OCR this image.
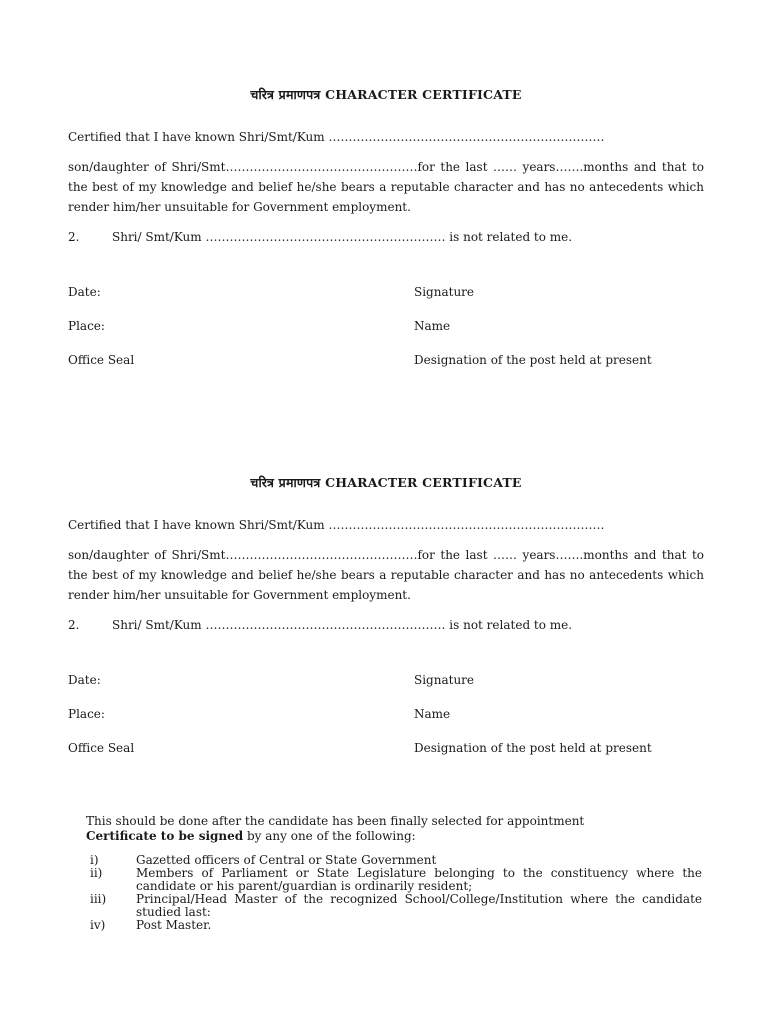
चरित्र प्रमाणपत्र CHARACTER CERTIFICATE

Certified that I have known Shri/Smt/Kum ……………………………………………………………

son/daughter of Shri/Smt…………………………………………for the last …… years…….months and that to the best of my knowledge and belief he/she bears a reputable character and has no antecedents which render him/her unsuitable for Government employment.

2.	Shri/ Smt/Kum …………………………………………………… is not related to me.

Date:	Signature
Place:	Name
Office Seal	Designation of the post held at present
चरित्र प्रमाणपत्र CHARACTER CERTIFICATE

Certified that I have known Shri/Smt/Kum ……………………………………………………………

son/daughter of Shri/Smt…………………………………………for the last …… years…….months and that to the best of my knowledge and belief he/she bears a reputable character and has no antecedents which render him/her unsuitable for Government employment.

2.	Shri/ Smt/Kum …………………………………………………… is not related to me.

Date:	Signature
Place:	Name
Office Seal	Designation of the post held at present

This should be done after the candidate has been finally selected for appointment

Certificate to be signed by any one of the following:

i)	Gazetted officers of Central or State Government
ii)	Members of Parliament or State Legislature belonging to the constituency where the candidate or his parent/guardian is ordinarily resident;
iii) Principal/Head Master of the recognized School/College/Institution where the candidate studied last:
iv)	Post Master.
